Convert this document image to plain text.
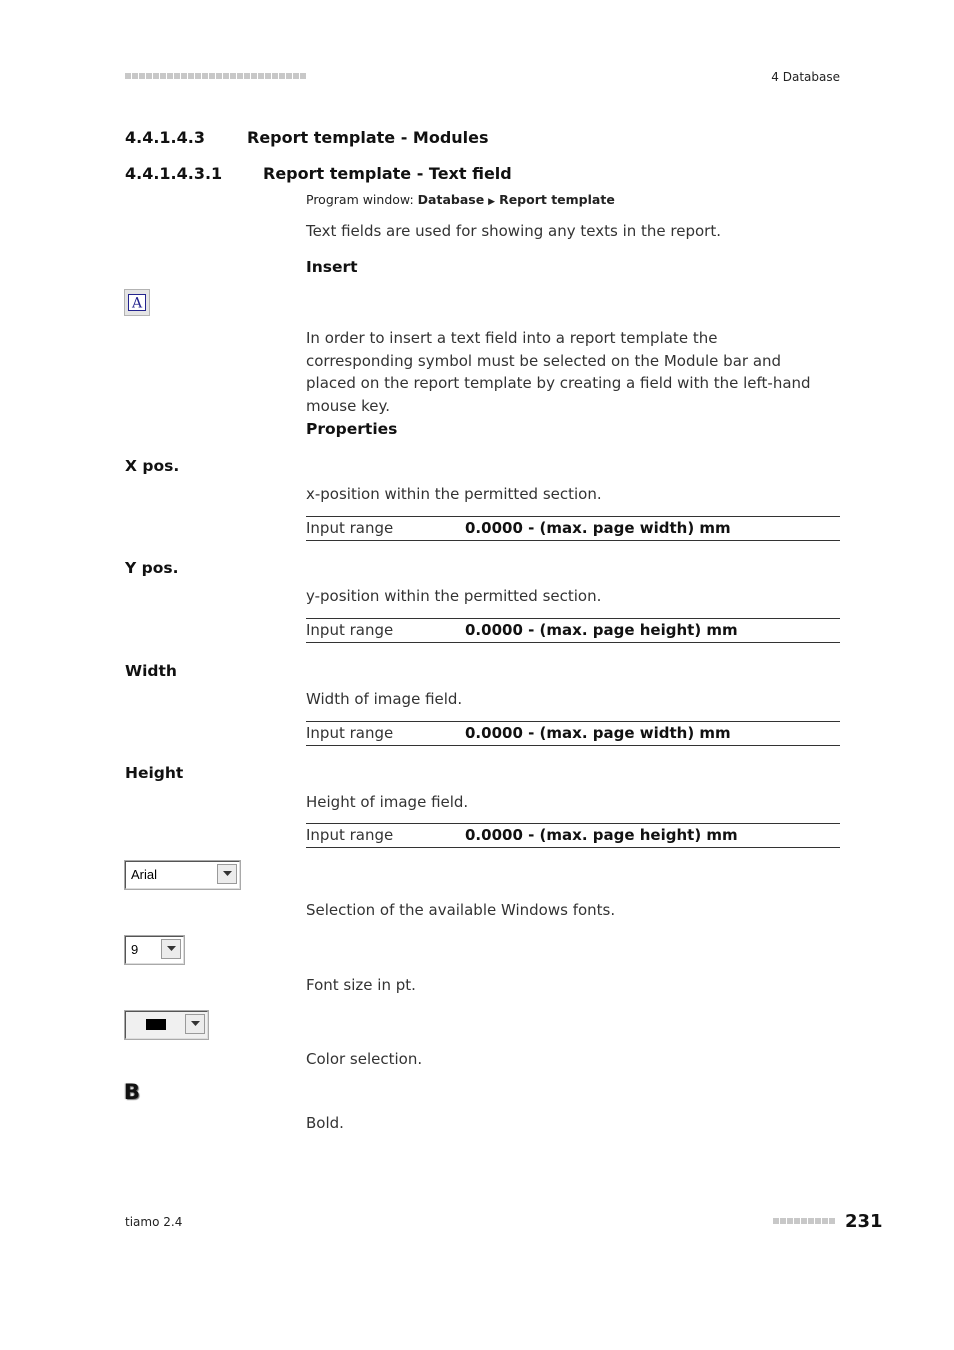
4 Database
4.4.1.4.3	Report template - Modules
4.4.1.4.3.1	Report template - Text field
Program window: Database ▶ Report template
Text fields are used for showing any texts in the report.
Insert
A
In order to insert a text field into a report template the corresponding symbol must be selected on the Module bar and placed on the report template by creating a field with the left-hand mouse key.
Properties
X pos.
x-position within the permitted section.
Input range	0.0000 - (max. page width) mm
Y pos.
y-position within the permitted section.
Input range	0.0000 - (max. page height) mm
Width
Width of image field.
Input range	0.0000 - (max. page width) mm
Height
Height of image field.
Input range	0.0000 - (max. page height) mm
Arial
Selection of the available Windows fonts.
9
Font size in pt.
Color selection.
B
Bold.
tiamo 2.4	231
